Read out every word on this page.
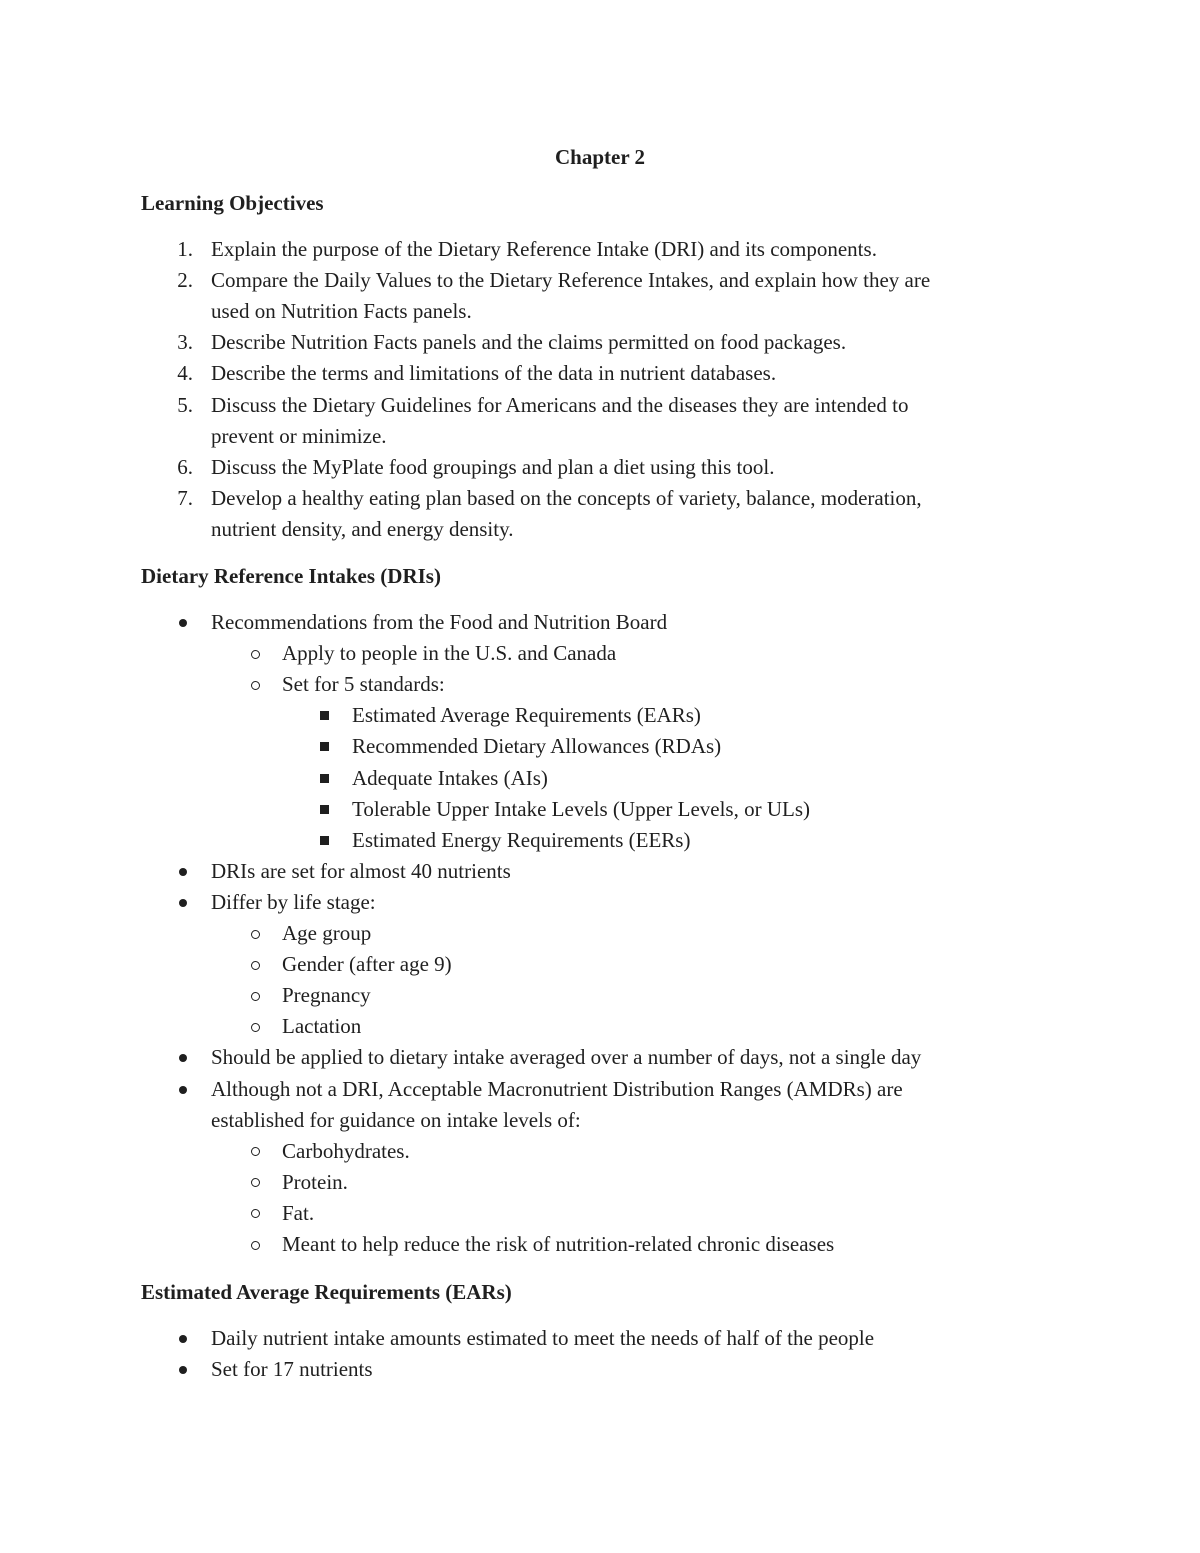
Chapter 2
Learning Objectives
1. Explain the purpose of the Dietary Reference Intake (DRI) and its components.
2. Compare the Daily Values to the Dietary Reference Intakes, and explain how they are
used on Nutrition Facts panels.
3. Describe Nutrition Facts panels and the claims permitted on food packages.
4. Describe the terms and limitations of the data in nutrient databases.
5. Discuss the Dietary Guidelines for Americans and the diseases they are intended to
prevent or minimize.
6. Discuss the MyPlate food groupings and plan a diet using this tool.
7. Develop a healthy eating plan based on the concepts of variety, balance, moderation,
nutrient density, and energy density.
Dietary Reference Intakes (DRIs)
Recommendations from the Food and Nutrition Board
Apply to people in the U.S. and Canada
Set for 5 standards:
Estimated Average Requirements (EARs)
Recommended Dietary Allowances (RDAs)
Adequate Intakes (AIs)
Tolerable Upper Intake Levels (Upper Levels, or ULs)
Estimated Energy Requirements (EERs)
DRIs are set for almost 40 nutrients
Differ by life stage:
Age group
Gender (after age 9)
Pregnancy
Lactation
Should be applied to dietary intake averaged over a number of days, not a single day
Although not a DRI, Acceptable Macronutrient Distribution Ranges (AMDRs) are
established for guidance on intake levels of:
Carbohydrates.
Protein.
Fat.
Meant to help reduce the risk of nutrition-related chronic diseases
Estimated Average Requirements (EARs)
Daily nutrient intake amounts estimated to meet the needs of half of the people
Set for 17 nutrients
